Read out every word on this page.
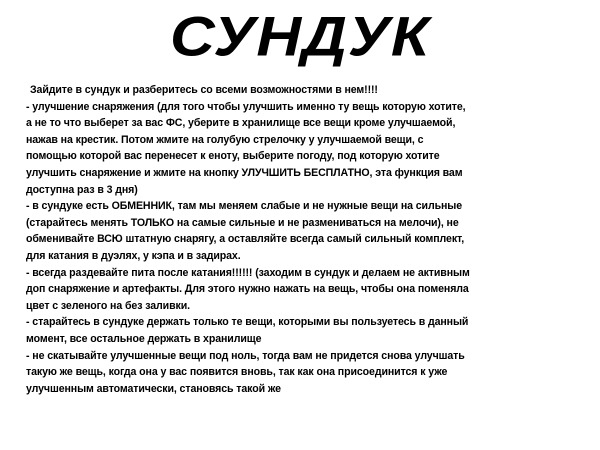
СУНДУК
Зайдите в сундук и разберитесь со всеми возможностями в нем!!!!
- улучшение снаряжения (для того чтобы улучшить именно ту вещь которую хотите,
а не то что выберет за вас ФС, уберите в хранилище все вещи кроме улучшаемой,
нажав на крестик. Потом жмите на голубую стрелочку у улучшаемой вещи, с
помощью которой вас перенесет к еноту, выберите погоду, под которую хотите
улучшить снаряжение и жмите на кнопку УЛУЧШИТЬ БЕСПЛАТНО, эта функция вам
доступна раз в 3 дня)
- в сундуке есть ОБМЕННИК, там мы меняем слабые и не нужные вещи на сильные
(старайтесь менять ТОЛЬКО на самые сильные и не размениваться на мелочи), не
обменивайте ВСЮ штатную снарягу, а оставляйте всегда самый сильный комплект,
для катания в дуэлях, у кэпа и в задирах.
- всегда раздевайте пита после катания!!!!!! (заходим в сундук и делаем не активным
доп снаряжение и артефакты. Для этого нужно нажать на вещь, чтобы она поменяла
цвет с зеленого на без заливки.
- старайтесь в сундуке держать только те вещи, которыми вы пользуетесь в данный
момент, все остальное держать в хранилище
- не скатывайте улучшенные вещи под ноль, тогда вам не придется снова улучшать
такую же вещь, когда она у вас появится вновь, так как она присоединится к уже
улучшенным автоматически, становясь такой же
